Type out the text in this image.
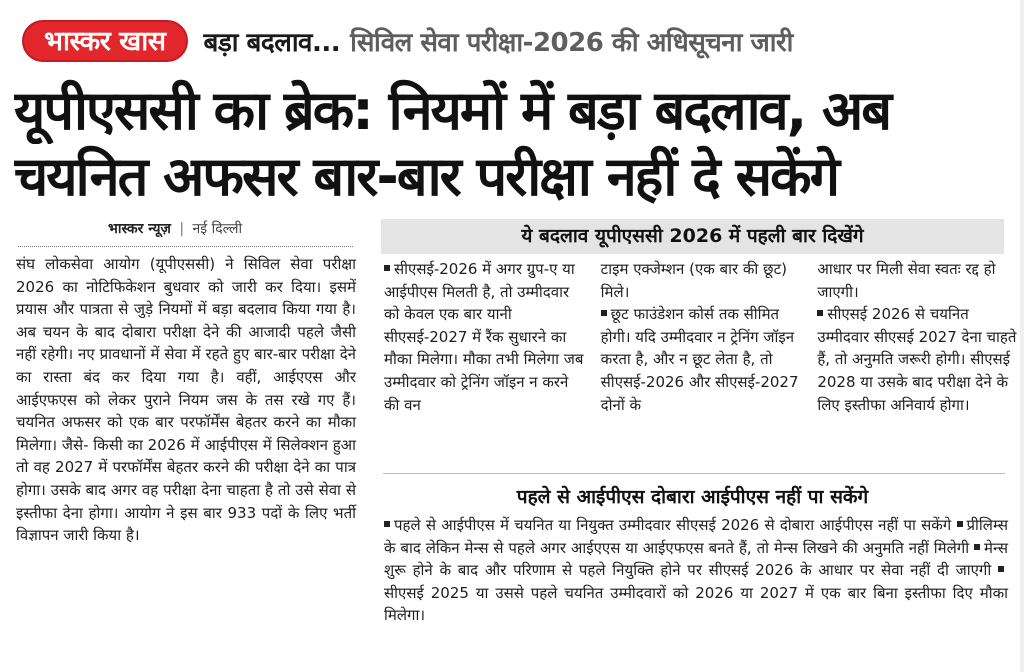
भास्कर खास	बड़ा बदलाव... सिविल सेवा परीक्षा-2026 की अधिसूचना जारी
यूपीएससी का ब्रेक: नियमों में बड़ा बदलाव, अब
चयनित अफसर बार-बार परीक्षा नहीं दे सकेंगे
भास्कर न्यूज़ | नई दिल्ली
संघ लोकसेवा आयोग (यूपीएससी) ने सिविल सेवा परीक्षा 2026 का नोटिफिकेशन बुधवार को जारी कर दिया। इसमें प्रयास और पात्रता से जुड़े नियमों में बड़ा बदलाव किया गया है। अब चयन के बाद दोबारा परीक्षा देने की आजादी पहले जैसी नहीं रहेगी। नए प्रावधानों में सेवा में रहते हुए बार-बार परीक्षा देने का रास्ता बंद कर दिया गया है। वहीं, आईएएस और आईएफएस को लेकर पुराने नियम जस के तस रखे गए हैं। चयनित अफसर को एक बार परफॉर्मेंस बेहतर करने का मौका मिलेगा। जैसे- किसी का 2026 में आईपीएस में सिलेक्शन हुआ तो वह 2027 में परफॉर्मेंस बेहतर करने की परीक्षा देने का पात्र होगा। उसके बाद अगर वह परीक्षा देना चाहता है तो उसे सेवा से इस्तीफा देना होगा। आयोग ने इस बार 933 पदों के लिए भर्ती विज्ञापन जारी किया है।
ये बदलाव यूपीएससी 2026 में पहली बार दिखेंगे
सीएसई-2026 में अगर ग्रुप-ए या आईपीएस मिलती है, तो उम्मीदवार को केवल एक बार यानी सीएसई-2027 में रैंक सुधारने का मौका मिलेगा। मौका तभी मिलेगा जब उम्मीदवार को ट्रेनिंग जॉइन न करने की वन
टाइम एक्जेम्शन (एक बार की छूट) मिले।
छूट फाउंडेशन कोर्स तक सीमित होगी। यदि उम्मीदवार न ट्रेनिंग जॉइन करता है, और न छूट लेता है, तो सीएसई-2026 और सीएसई-2027 दोनों के
आधार पर मिली सेवा स्वतः रद्द हो जाएगी।
सीएसई 2026 से चयनित उम्मीदवार सीएसई 2027 देना चाहते हैं, तो अनुमति जरूरी होगी। सीएसई 2028 या उसके बाद परीक्षा देने के लिए इस्तीफा अनिवार्य होगा।
पहले से आईपीएस दोबारा आईपीएस नहीं पा सकेंगे
पहले से आईपीएस में चयनित या नियुक्त उम्मीदवार सीएसई 2026 से दोबारा आईपीएस नहीं पा सकेंगे प्रीलिम्स के बाद लेकिन मेन्स से पहले अगर आईएएस या आईएफएस बनते हैं, तो मेन्स लिखने की अनुमति नहीं मिलेगी मेन्स शुरू होने के बाद और परिणाम से पहले नियुक्ति होने पर सीएसई 2026 के आधार पर सेवा नहीं दी जाएगी सीएसई 2025 या उससे पहले चयनित उम्मीदवारों को 2026 या 2027 में एक बार बिना इस्तीफा दिए मौका मिलेगा।
